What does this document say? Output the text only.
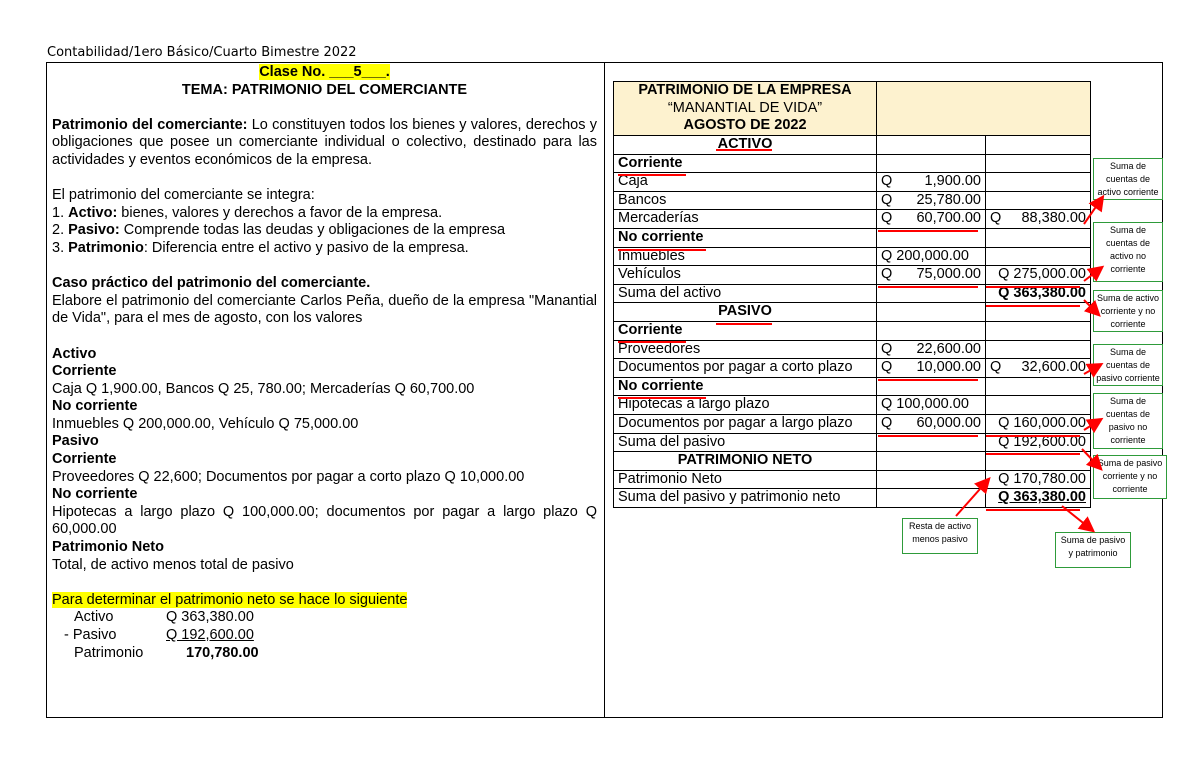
Contabilidad/1ero Básico/Cuarto Bimestre 2022

Clase No. ___5___.

TEMA: PATRIMONIO DEL COMERCIANTE

Patrimonio del comerciante: Lo constituyen todos los bienes y valores, derechos y obligaciones que posee un comerciante individual o colectivo, destinado para las actividades y eventos económicos de la empresa.

El patrimonio del comerciante se integra:

1. Activo: bienes, valores y derechos a favor de la empresa.

2. Pasivo: Comprende todas las deudas y obligaciones de la empresa

3. Patrimonio: Diferencia entre el activo y pasivo de la empresa.

Caso práctico del patrimonio del comerciante.

Elabore el patrimonio del comerciante Carlos Peña, dueño de la empresa "Manantial de Vida", para el mes de agosto, con los valores

Activo

Corriente

Caja Q 1,900.00, Bancos Q 25, 780.00; Mercaderías Q 60,700.00

No corriente

Inmuebles Q 200,000.00, Vehículo Q 75,000.00

Pasivo

Corriente

Proveedores Q 22,600; Documentos por pagar a corto plazo Q 10,000.00

No corriente

Hipotecas a largo plazo Q 100,000.00; documentos por pagar a largo plazo Q 60,000.00

Patrimonio Neto

Total, de activo menos total de pasivo

Para determinar el patrimonio neto se hace lo siguiente

Activo	Q 363,380.00
- Pasivo	Q 192,600.00
Patrimonio	170,780.00
PATRIMONIO DE LA EMPRESA
“MANANTIAL DE VIDA”
AGOSTO DE 2022		

ACTIVO		
Corriente		
Caja	Q 1,900.00	

Bancos	Q 25,780.00	

Mercaderías	Q 60,700.00	Q 88,380.00

No corriente		
Inmuebles	Q 200,000.00	
Vehículos	Q 75,000.00	Q 275,000.00
Suma del activo		Q 363,380.00
PASIVO		
Corriente		
Proveedores	Q 22,600.00	

Documentos por pagar a corto plazo	Q 10,000.00	Q 32,600.00

No corriente		
Hipotecas a largo plazo	Q 100,000.00	
Documentos por pagar a largo plazo	Q 60,000.00	Q 160,000.00
Suma del pasivo		Q 192,600.00
PATRIMONIO NETO		
Patrimonio Neto		Q 170,780.00
Suma del pasivo y patrimonio neto		Q 363,380.00
Suma de cuentas de activo corriente
Suma de cuentas de activo no corriente
Suma de activo corriente y no corriente
Suma de cuentas de pasivo corriente
Suma de cuentas de pasivo no corriente
Suma de pasivo corriente y no corriente
Resta de activo menos pasivo	Suma de pasivo y patrimonio
